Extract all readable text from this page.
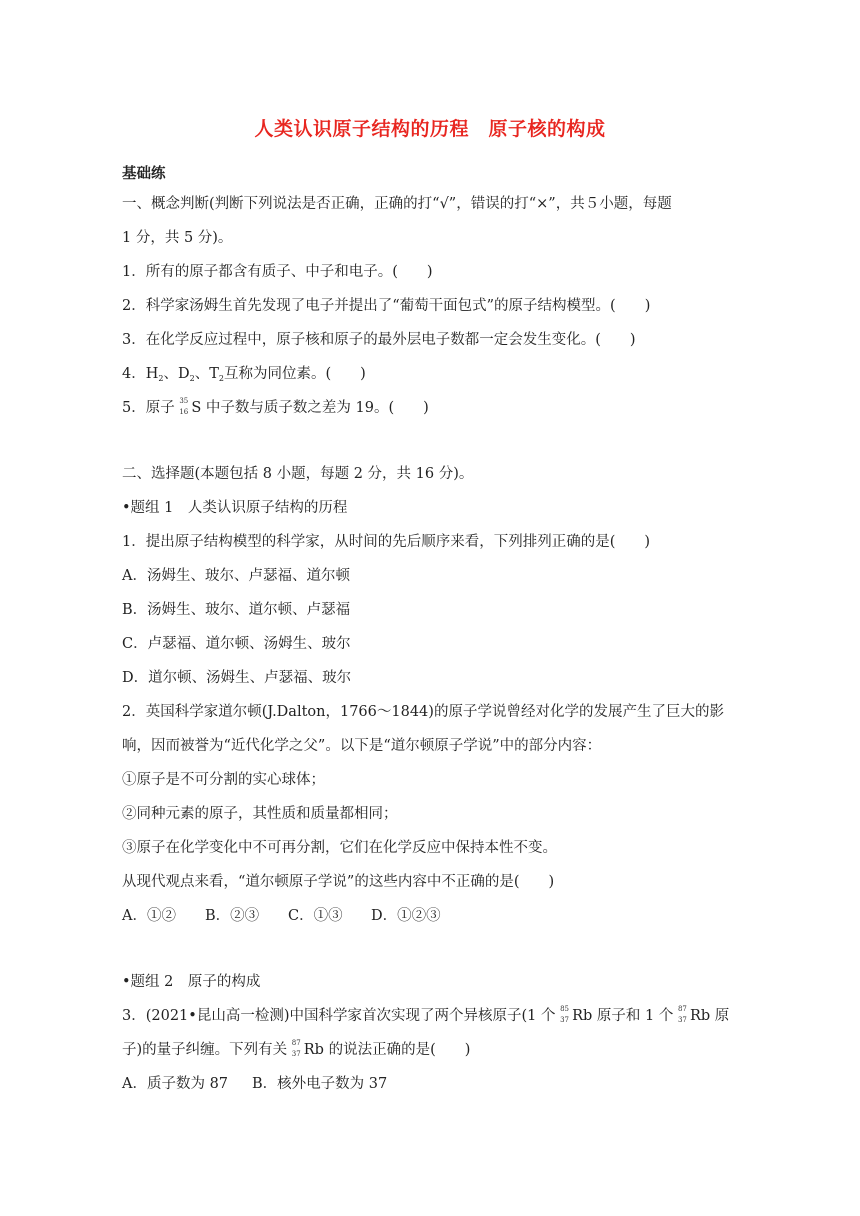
人类认识原子结构的历程　原子核的构成
基础练
一、概念判断(判断下列说法是否正确，正确的打“√”，错误的打“×”，共５小题，每题
1 分，共 5 分)。
1．所有的原子都含有质子、中子和电子。(　　)
2．科学家汤姆生首先发现了电子并提出了“葡萄干面包式”的原子结构模型。(　　)
3．在化学反应过程中，原子核和原子的最外层电子数都一定会发生变化。(　　)
4．$H_2$、$D_2$、$T_2$互称为同位素。(　　)
5．原子 35
16 S 中子数与质子数之差为 19。(　　)
二、选择题(本题包括 8 小题，每题 2 分，共 16 分)。
•题组 1　人类认识原子结构的历程
1．提出原子结构模型的科学家，从时间的先后顺序来看，下列排列正确的是(　　)
A．汤姆生、玻尔、卢瑟福、道尔顿
B．汤姆生、玻尔、道尔顿、卢瑟福
C．卢瑟福、道尔顿、汤姆生、玻尔
D．道尔顿、汤姆生、卢瑟福、玻尔
2．英国科学家道尔顿(J.Dalton，1766～1844)的原子学说曾经对化学的发展产生了巨大的影
响，因而被誉为“近代化学之父”。以下是“道尔顿原子学说”中的部分内容：
①原子是不可分割的实心球体；
②同种元素的原子，其性质和质量都相同；
③原子在化学变化中不可再分割，它们在化学反应中保持本性不变。
从现代观点来看，“道尔顿原子学说”的这些内容中不正确的是(　　)
A．①② B．②③ C．①③ D．①②③
•题组 2　原子的构成
3．(2021•昆山高一检测)中国科学家首次实现了两个异核原子(1 个 85
37 Rb 原子和 1 个 87
37 Rb 原
子)的量子纠缠。下列有关 87
37 Rb 的说法正确的是(　　)
A．质子数为 87 B．核外电子数为 37
